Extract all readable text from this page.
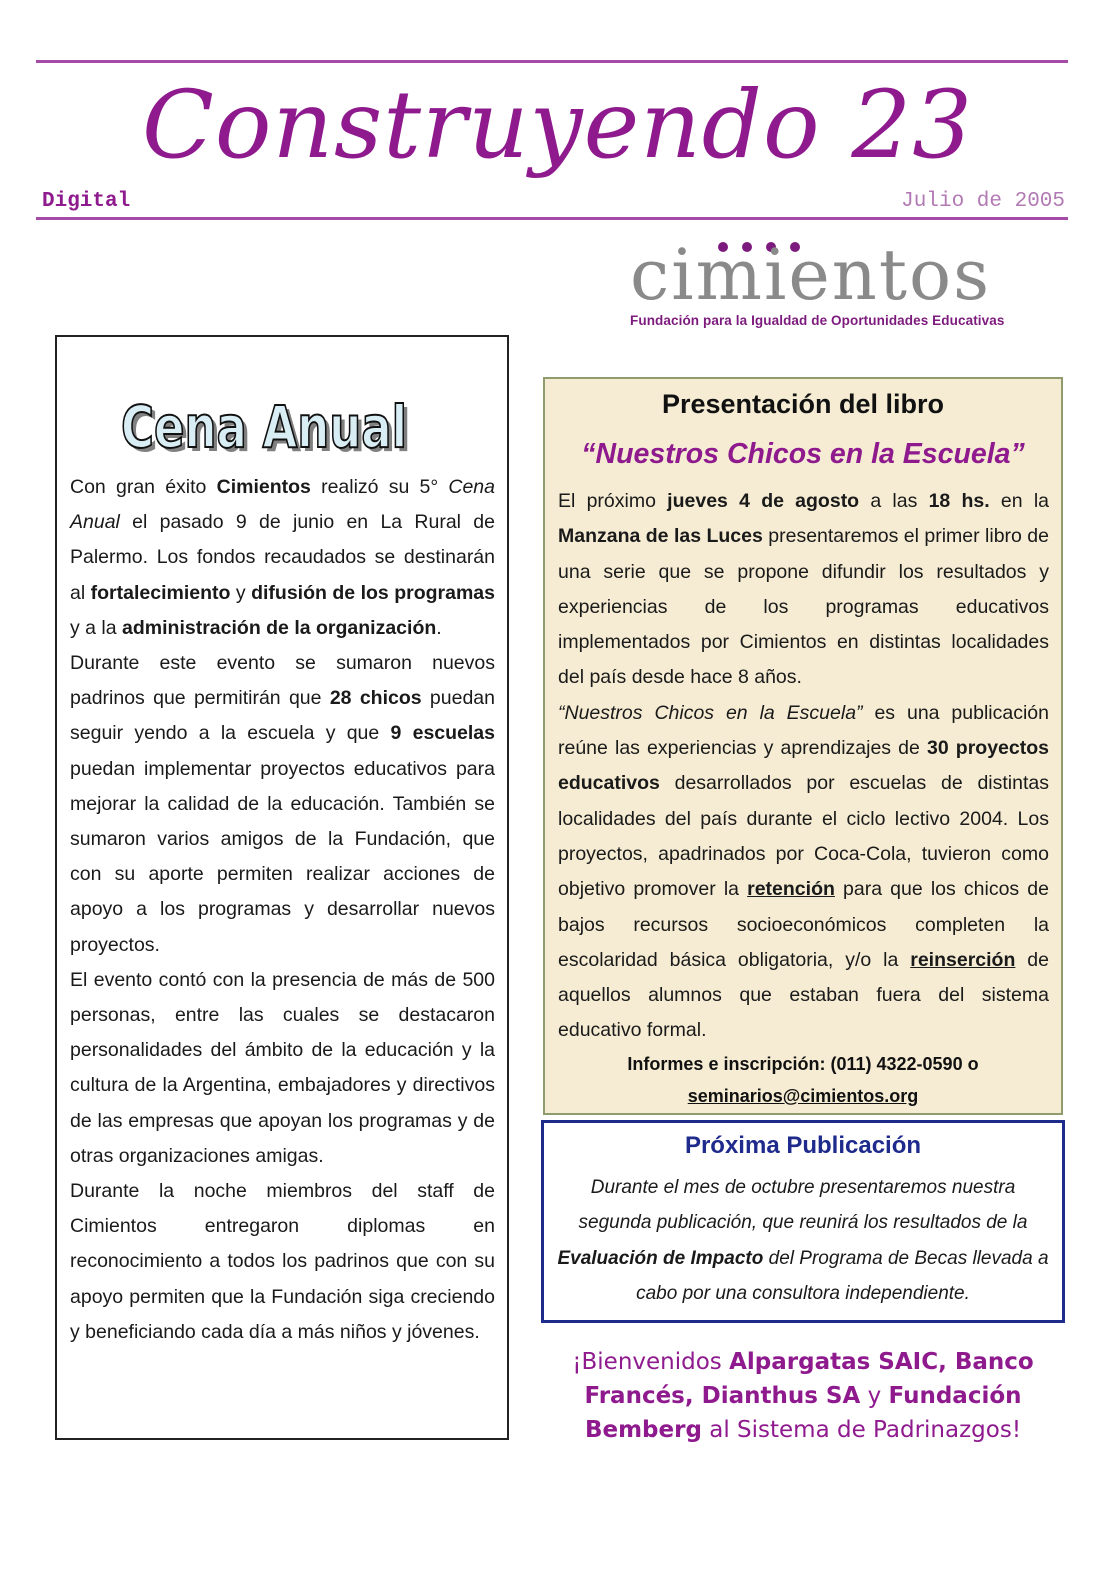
Construyendo 23
Digital	Julio de 2005
cimientos
Fundación para la Igualdad de Oportunidades Educativas
Cena Anual
Cena Anual

Con gran éxito Cimientos realizó su 5° Cena Anual el pasado 9 de junio en La Rural de Palermo. Los fondos recaudados se destinarán al fortalecimiento y difusión de los programas y a la administración de la organización.

Durante este evento se sumaron nuevos padrinos que permitirán que 28 chicos puedan seguir yendo a la escuela y que 9 escuelas puedan implementar proyectos educativos para mejorar la calidad de la educación. También se sumaron varios amigos de la Fundación, que con su aporte permiten realizar acciones de apoyo a los programas y desarrollar nuevos proyectos.

El evento contó con la presencia de más de 500 personas, entre las cuales se destacaron personalidades del ámbito de la educación y la cultura de la Argentina, embajadores y directivos de las empresas que apoyan los programas y de otras organizaciones amigas.

Durante la noche miembros del staff de Cimientos entregaron diplomas en reconocimiento a todos los padrinos que con su apoyo permiten que la Fundación siga creciendo y beneficiando cada día a más niños y jóvenes.

Presentación del libro
“Nuestros Chicos en la Escuela”

El próximo jueves 4 de agosto a las 18 hs. en la Manzana de las Luces presentaremos el primer libro de una serie que se propone difundir los resultados y experiencias de los programas educativos implementados por Cimientos en distintas localidades del país desde hace 8 años.

“Nuestros Chicos en la Escuela” es una publicación reúne las experiencias y aprendizajes de 30 proyectos educativos desarrollados por escuelas de distintas localidades del país durante el ciclo lectivo 2004. Los proyectos, apadrinados por Coca-Cola, tuvieron como objetivo promover la retención para que los chicos de bajos recursos socioeconómicos completen la escolaridad básica obligatoria, y/o la reinserción de aquellos alumnos que estaban fuera del sistema educativo formal.

Informes e inscripción: (011) 4322-0590 o
seminarios@cimientos.org
Próxima Publicación

Durante el mes de octubre presentaremos nuestra segunda publicación, que reunirá los resultados de la Evaluación de Impacto del Programa de Becas llevada a cabo por una consultora independiente.

¡Bienvenidos Alpargatas SAIC, Banco Francés, Dianthus SA y Fundación Bemberg al Sistema de Padrinazgos!
